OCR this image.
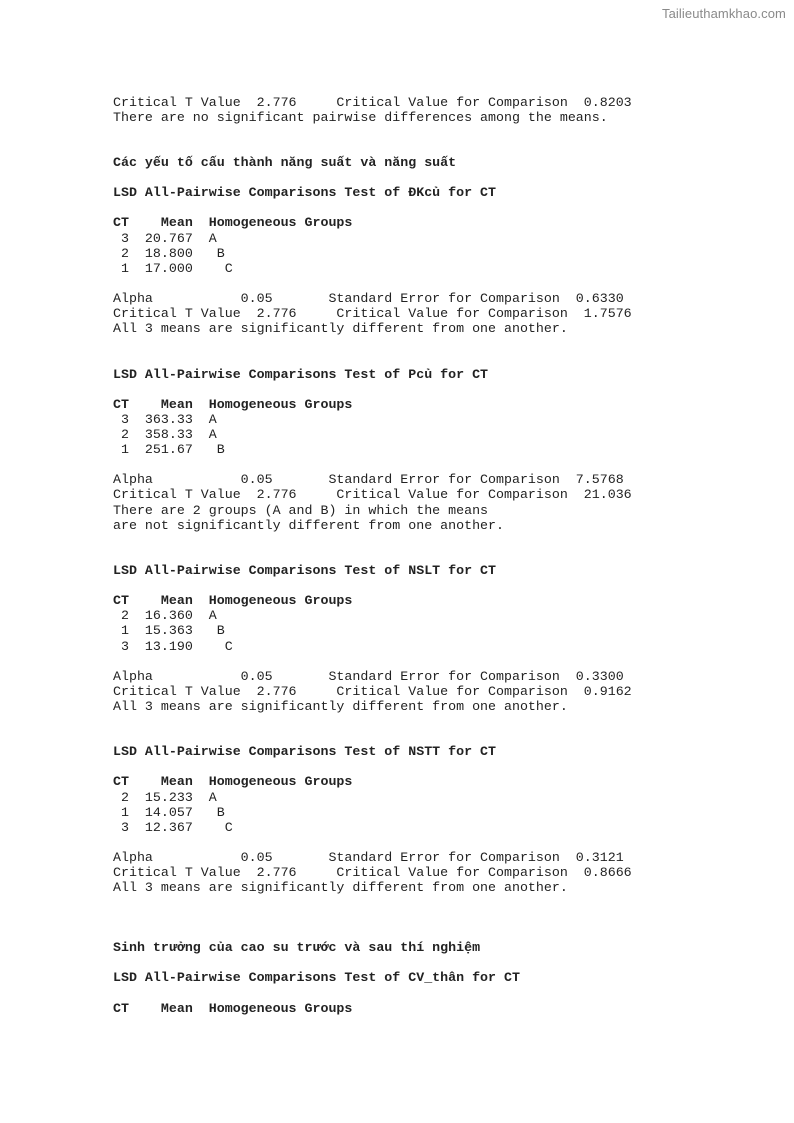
Tailieuthamkhao.com

Critical T Value  2.776     Critical Value for Comparison  0.8203

There are no significant pairwise differences among the means.

Các yếu tố cấu thành năng suất và năng suất

LSD All-Pairwise Comparisons Test of ĐKcủ for CT

CT    Mean  Homogeneous Groups

3  20.767  A

2  18.800   B

1  17.000    C

Alpha           0.05       Standard Error for Comparison  0.6330

Critical T Value  2.776     Critical Value for Comparison  1.7576

All 3 means are significantly different from one another.

LSD All-Pairwise Comparisons Test of Pcủ for CT

CT    Mean  Homogeneous Groups

3  363.33  A

2  358.33  A

1  251.67   B

Alpha           0.05       Standard Error for Comparison  7.5768

Critical T Value  2.776     Critical Value for Comparison  21.036

There are 2 groups (A and B) in which the means

are not significantly different from one another.

LSD All-Pairwise Comparisons Test of NSLT for CT

CT    Mean  Homogeneous Groups

2  16.360  A

1  15.363   B

3  13.190    C

Alpha           0.05       Standard Error for Comparison  0.3300

Critical T Value  2.776     Critical Value for Comparison  0.9162

All 3 means are significantly different from one another.

LSD All-Pairwise Comparisons Test of NSTT for CT

CT    Mean  Homogeneous Groups

2  15.233  A

1  14.057   B

3  12.367    C

Alpha           0.05       Standard Error for Comparison  0.3121

Critical T Value  2.776     Critical Value for Comparison  0.8666

All 3 means are significantly different from one another.

Sinh trưởng của cao su trước và sau thí nghiệm

LSD All-Pairwise Comparisons Test of CV_thân for CT

CT    Mean  Homogeneous Groups
